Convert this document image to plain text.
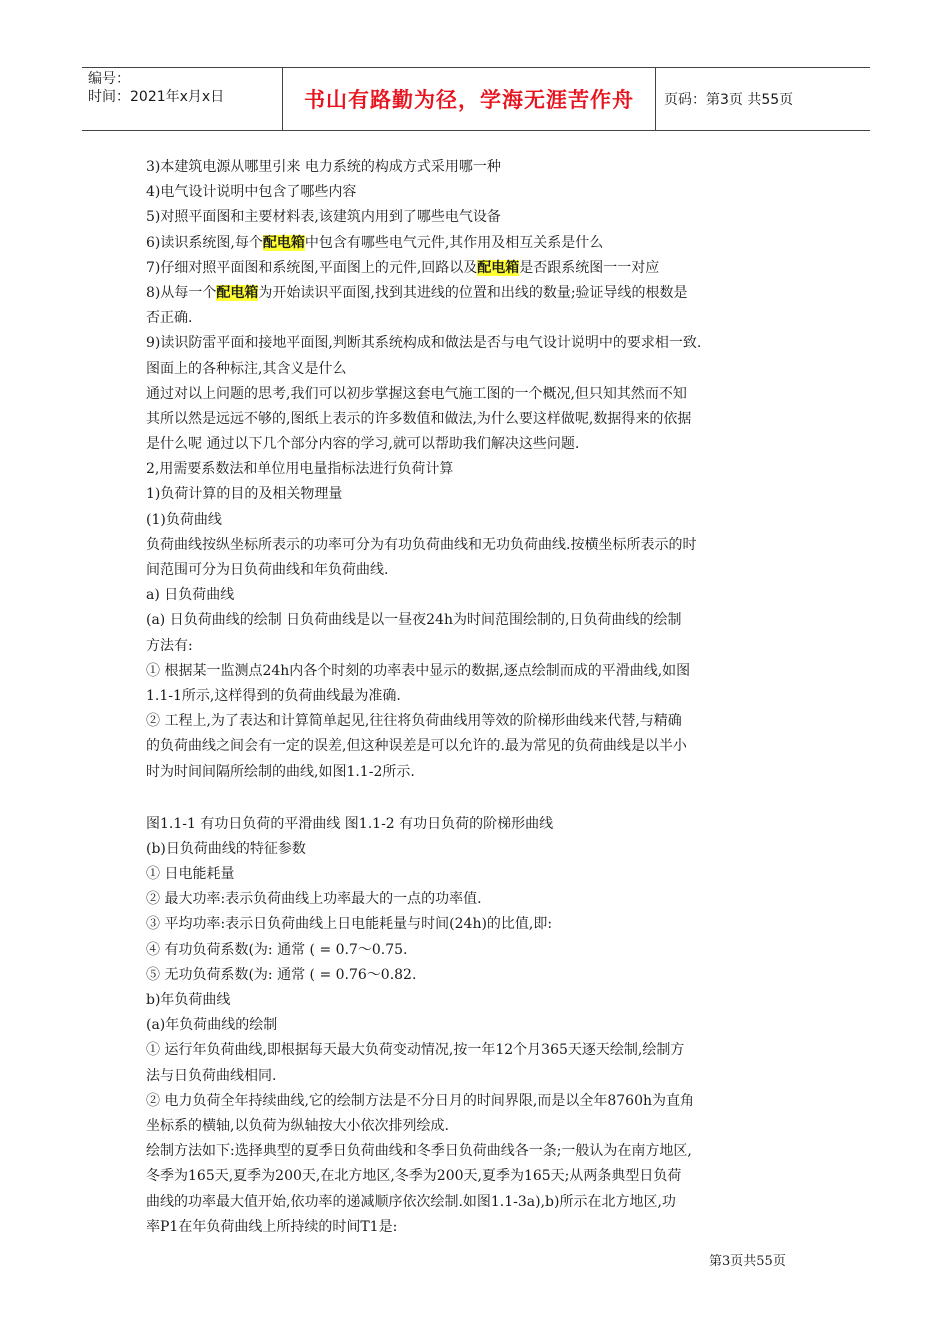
编号：
时间：2021年x月x日	书山有路勤为径，学海无涯苦作舟	页码：第3页 共55页
3)本建筑电源从哪里引来 电力系统的构成方式采用哪一种
4)电气设计说明中包含了哪些内容
5)对照平面图和主要材料表,该建筑内用到了哪些电气设备
6)读识系统图,每个配电箱中包含有哪些电气元件,其作用及相互关系是什么
7)仔细对照平面图和系统图,平面图上的元件,回路以及配电箱是否跟系统图一一对应
8)从每一个配电箱为开始读识平面图,找到其进线的位置和出线的数量;验证导线的根数是
否正确.
9)读识防雷平面和接地平面图,判断其系统构成和做法是否与电气设计说明中的要求相一致.
图面上的各种标注,其含义是什么
通过对以上问题的思考,我们可以初步掌握这套电气施工图的一个概况,但只知其然而不知
其所以然是远远不够的,图纸上表示的许多数值和做法,为什么要这样做呢,数据得来的依据
是什么呢 通过以下几个部分内容的学习,就可以帮助我们解决这些问题.
2,用需要系数法和单位用电量指标法进行负荷计算
1)负荷计算的目的及相关物理量
(1)负荷曲线
负荷曲线按纵坐标所表示的功率可分为有功负荷曲线和无功负荷曲线.按横坐标所表示的时
间范围可分为日负荷曲线和年负荷曲线.
a) 日负荷曲线
(a) 日负荷曲线的绘制 日负荷曲线是以一昼夜24h为时间范围绘制的,日负荷曲线的绘制
方法有:
① 根据某一监测点24h内各个时刻的功率表中显示的数据,逐点绘制而成的平滑曲线,如图
1.1-1所示,这样得到的负荷曲线最为准确.
② 工程上,为了表达和计算简单起见,往往将负荷曲线用等效的阶梯形曲线来代替,与精确
的负荷曲线之间会有一定的误差,但这种误差是可以允许的.最为常见的负荷曲线是以半小
时为时间间隔所绘制的曲线,如图1.1-2所示.
图1.1-1 有功日负荷的平滑曲线 图1.1-2 有功日负荷的阶梯形曲线
(b)日负荷曲线的特征参数
① 日电能耗量
② 最大功率:表示负荷曲线上功率最大的一点的功率值.
③ 平均功率:表示日负荷曲线上日电能耗量与时间(24h)的比值,即:
④ 有功负荷系数(为: 通常 ( = 0.7～0.75.
⑤ 无功负荷系数(为: 通常 ( = 0.76～0.82.
b)年负荷曲线
(a)年负荷曲线的绘制
① 运行年负荷曲线,即根据每天最大负荷变动情况,按一年12个月365天逐天绘制,绘制方
法与日负荷曲线相同.
② 电力负荷全年持续曲线,它的绘制方法是不分日月的时间界限,而是以全年8760h为直角
坐标系的横轴,以负荷为纵轴按大小依次排列绘成.
绘制方法如下:选择典型的夏季日负荷曲线和冬季日负荷曲线各一条;一般认为在南方地区,
冬季为165天,夏季为200天,在北方地区,冬季为200天,夏季为165天;从两条典型日负荷
曲线的功率最大值开始,依功率的递减顺序依次绘制.如图1.1-3a),b)所示在北方地区,功
率P1在年负荷曲线上所持续的时间T1是:
第3页共55页
